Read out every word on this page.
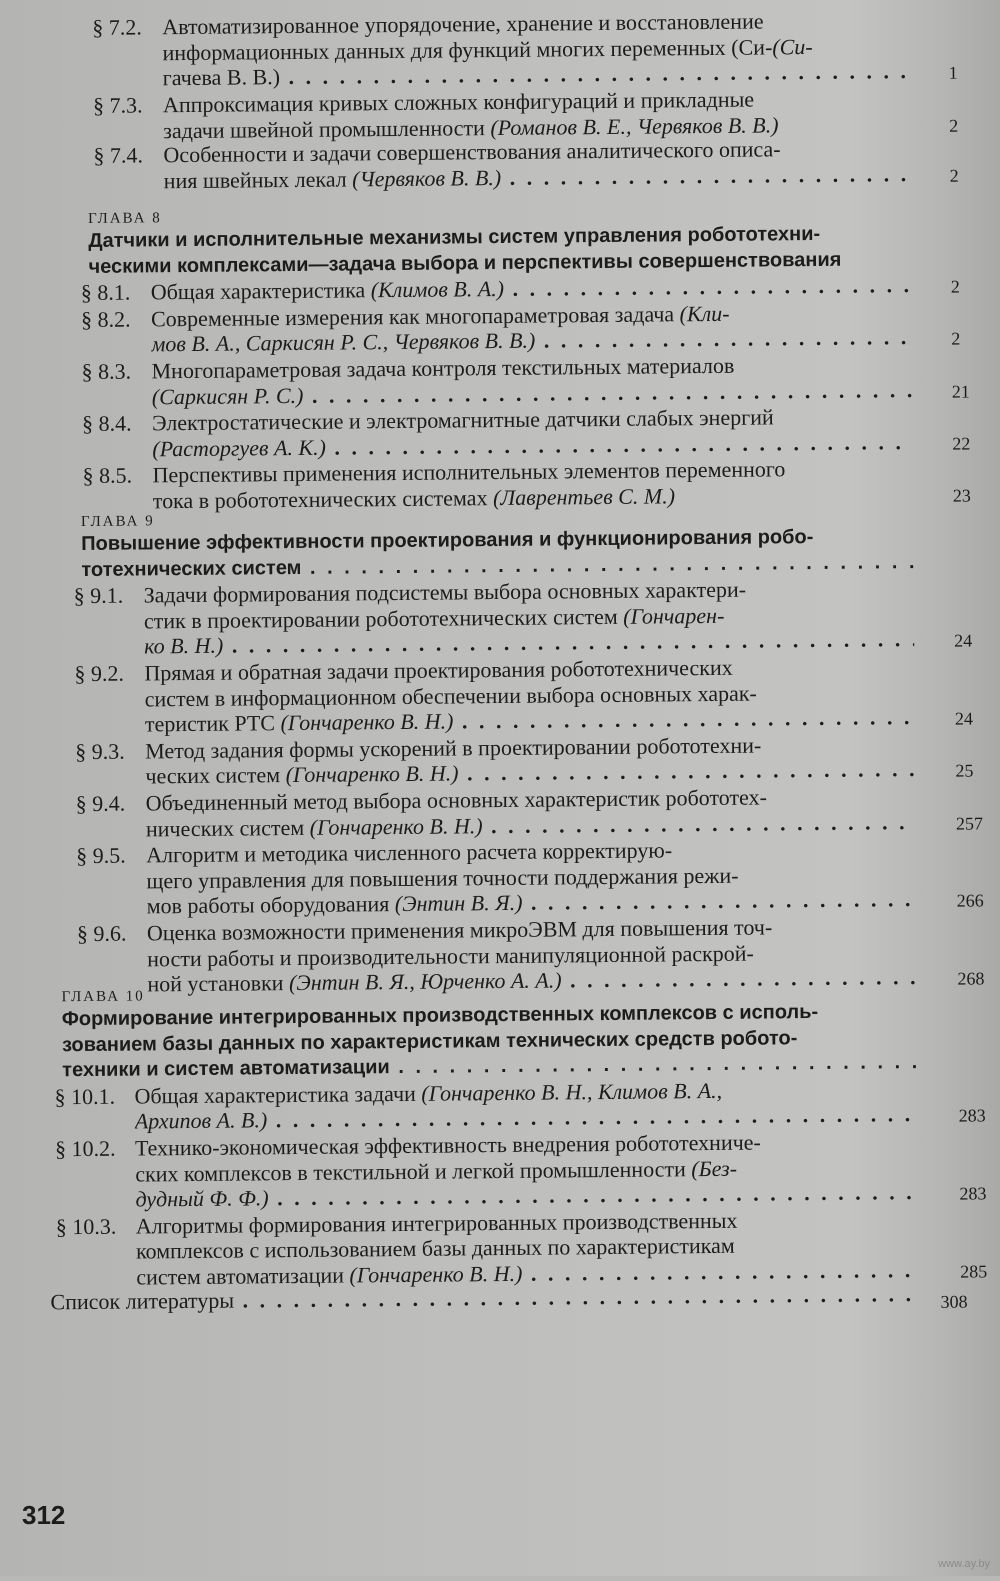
§ 7.2. Автоматизированное упорядочение, хранение и восстановление
информационных данных для функций многих переменных (Си-(Си-
гачева В. В.) . .	1
§ 7.3. Аппроксимация кривых сложных конфигураций и прикладные
задачи швейной промышленности (Романов В. Е., Червяков В. В.)	2
§ 7.4. Особенности и задачи совершенствования аналитического описа-
ния швейных лекал (Червяков В. В.) . .	2
ГЛАВА 8
Датчики и исполнительные механизмы систем управления робототехни-
ческими комплексами—задача выбора и перспективы совершенствования
§ 8.1. Общая характеристика (Климов В. А.) . .	2
§ 8.2. Современные измерения как многопараметровая задача (Кли-
мов В. А., Саркисян Р. С., Червяков В. В.) . .	2
§ 8.3. Многопараметровая задача контроля текстильных материалов
(Саркисян Р. С.) . .	21
§ 8.4. Электростатические и электромагнитные датчики слабых энергий
(Расторгуев А. К.) . .	22
§ 8.5. Перспективы применения исполнительных элементов переменного
тока в робототехнических системах (Лаврентьев С. М.)	23
ГЛАВА 9
Повышение эффективности проектирования и функционирования робо-
тотехнических систем . .
§ 9.1. Задачи формирования подсистемы выбора основных характери-
стик в проектировании робототехнических систем (Гончарен-
ко В. Н.) . .	24
§ 9.2. Прямая и обратная задачи проектирования робототехнических
систем в информационном обеспечении выбора основных харак-
теристик РТС (Гончаренко В. Н.) . .	24
§ 9.3. Метод задания формы ускорений в проектировании робототехни-
ческих систем (Гончаренко В. Н.) . .	25
§ 9.4. Объединенный метод выбора основных характеристик робототех-
нических систем (Гончаренко В. Н.) . .	257
§ 9.5. Алгоритм и методика численного расчета корректирую-
щего управления для повышения точности поддержания режи-
мов работы оборудования (Энтин В. Я.) . .	266
§ 9.6. Оценка возможности применения микроЭВМ для повышения точ-
ности работы и производительности манипуляционной раскрой-
ной установки (Энтин В. Я., Юрченко А. А.) . .	268
ГЛАВА 10
Формирование интегрированных производственных комплексов с исполь-
зованием базы данных по характеристикам технических средств робото-
техники и систем автоматизации . .
§ 10.1. Общая характеристика задачи (Гончаренко В. Н., Климов В. А.,
Архипов А. В.) . .	283
§ 10.2. Технико-экономическая эффективность внедрения робототехниче-
ских комплексов в текстильной и легкой промышленности (Без-
дудный Ф. Ф.) . .	283
§ 10.3. Алгоритмы формирования интегрированных производственных
комплексов с использованием базы данных по характеристикам
систем автоматизации (Гончаренко В. Н.) . .	285
Список литературы . .	308
312
www.ay.by
